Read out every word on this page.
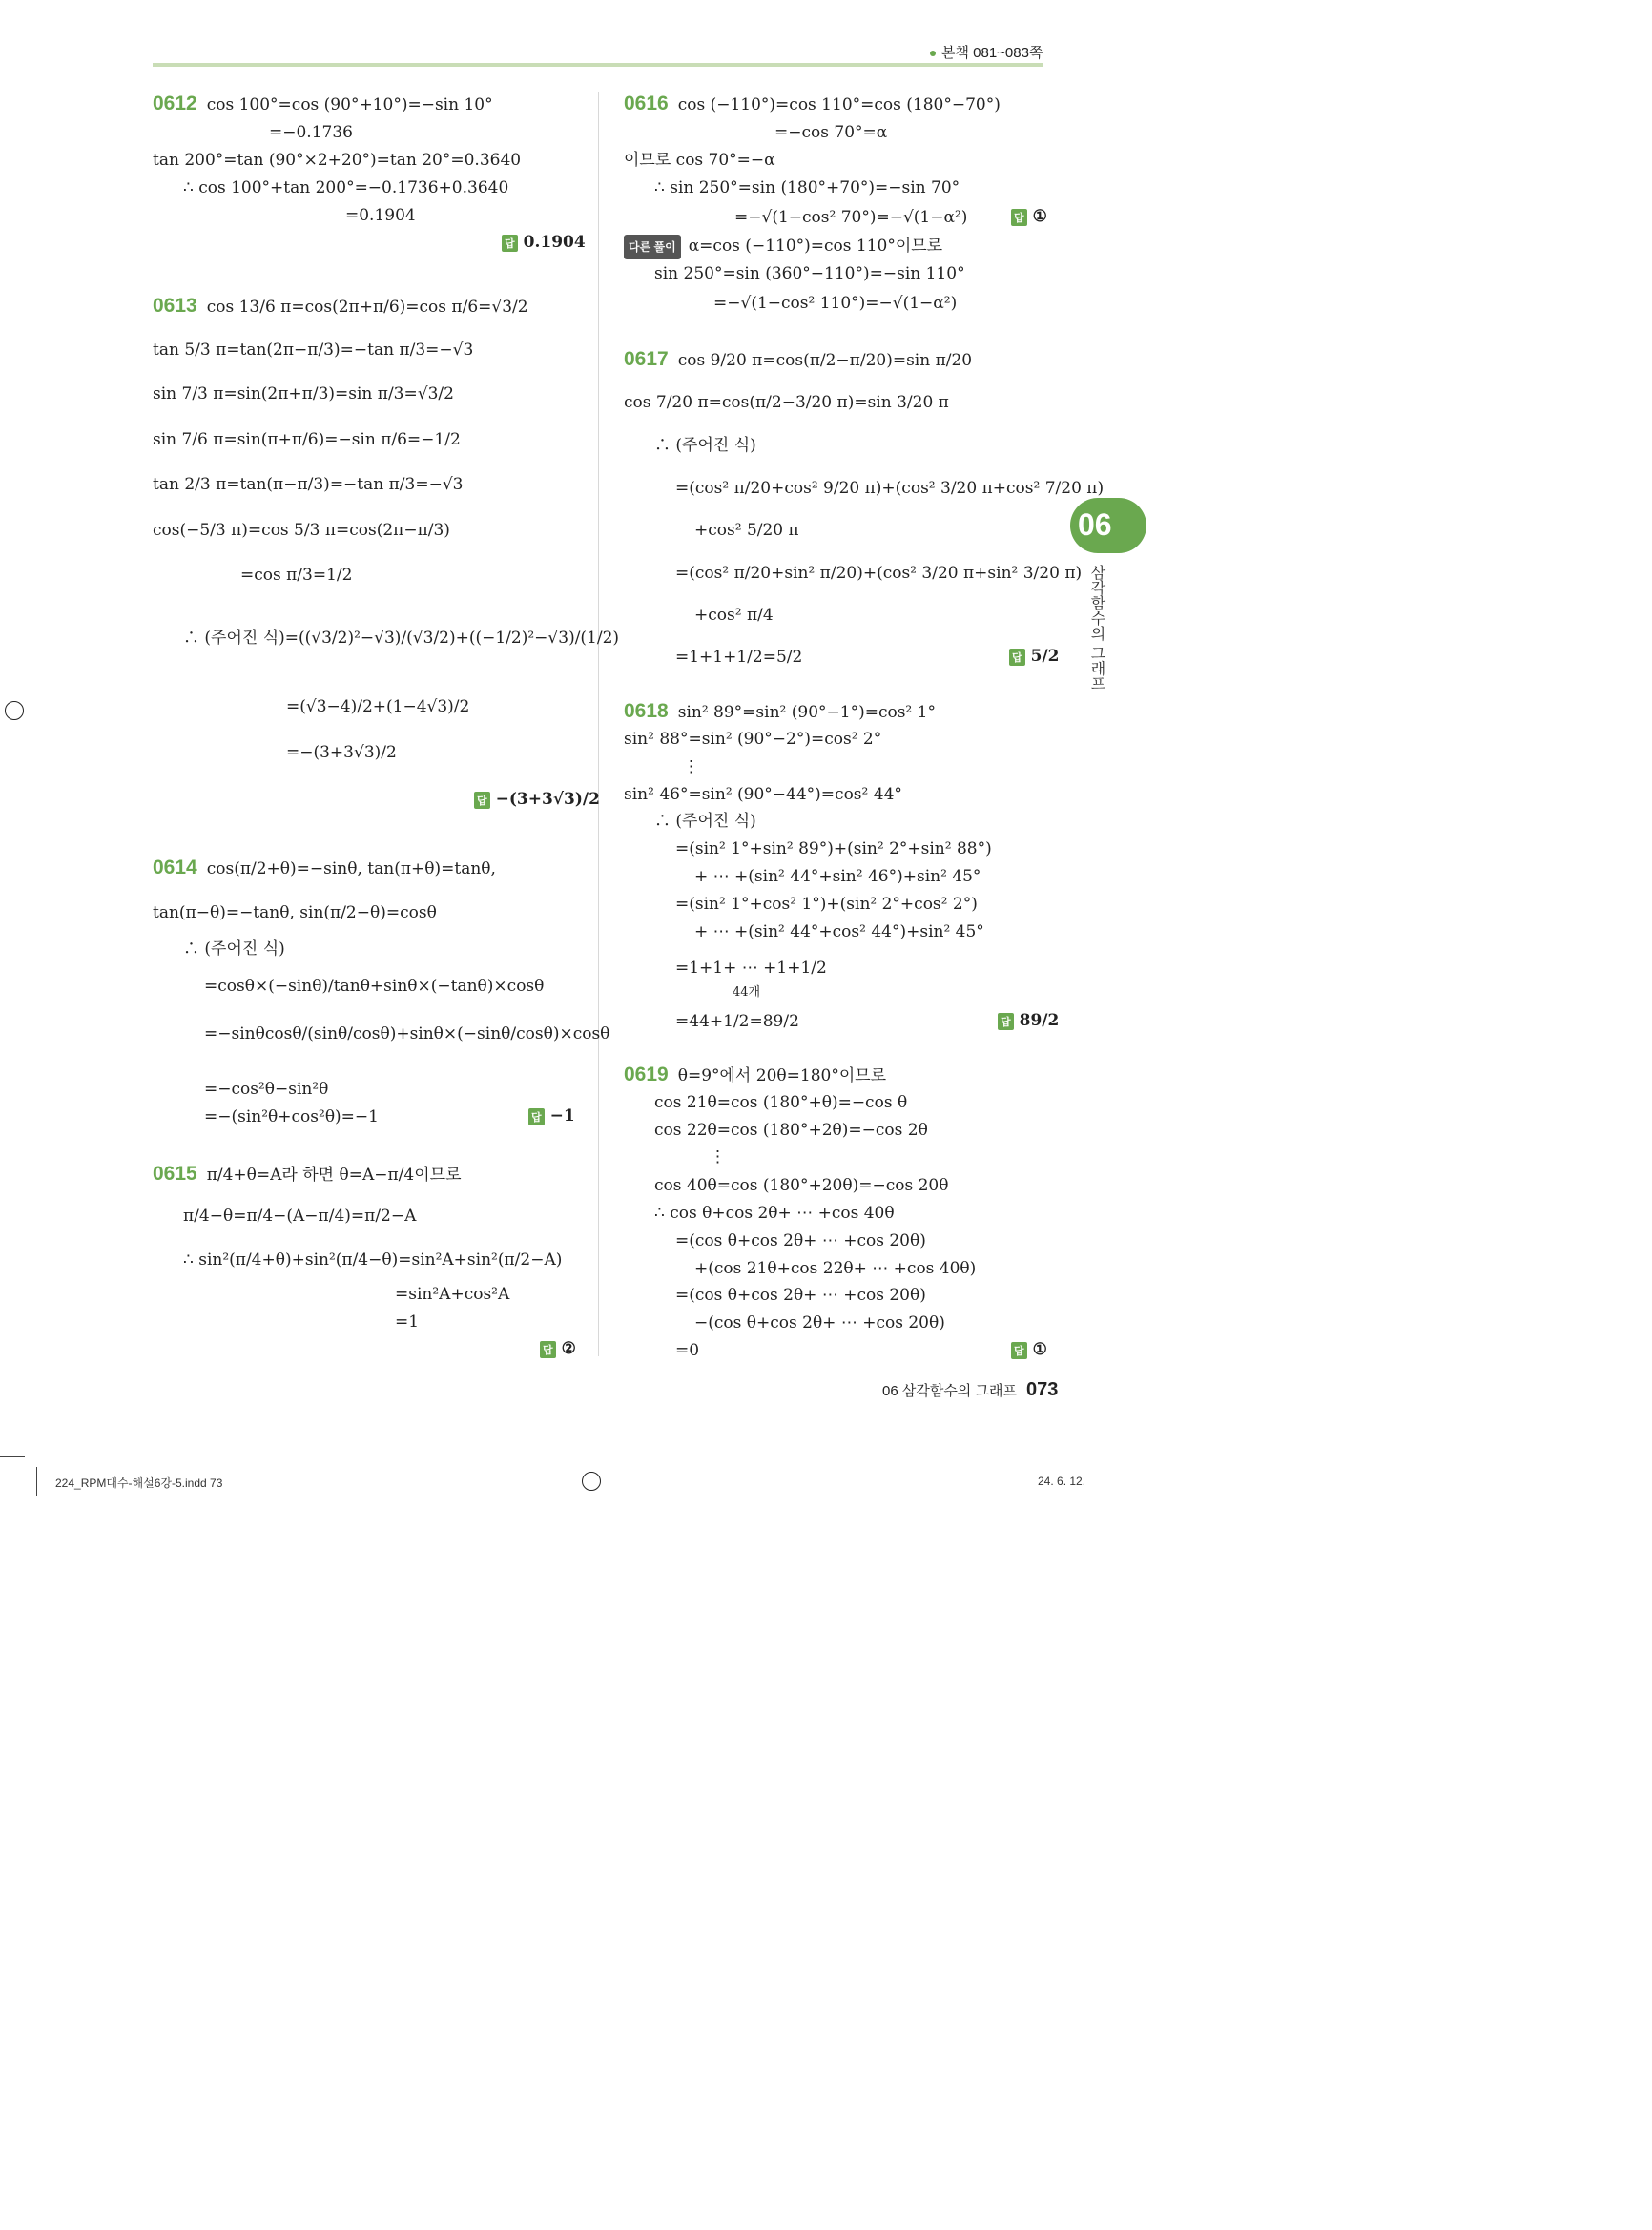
본책 081~083쪽
0612 cos 100°=cos (90°+10°)=−sin 10°
=−0.1736
tan 200°=tan (90°×2+20°)=tan 20°=0.3640
∴ cos 100°+tan 200°=−0.1736+0.3640
=0.1904
답 0.1904
0613 cos 13/6 π=cos(2π+π/6)=cos π/6=√3/2
tan 5/3 π=tan(2π−π/3)=−tan π/3=−√3
sin 7/3 π=sin(2π+π/3)=sin π/3=√3/2
sin 7/6 π=sin(π+π/6)=−sin π/6=−1/2
tan 2/3 π=tan(π−π/3)=−tan π/3=−√3
cos(−5/3 π)=cos 5/3 π=cos(2π−π/3)
=cos π/3=1/2
∴ (주어진 식)=((√3/2)²−√3)/(√3/2)+((−1/2)²−√3)/(1/2)
=(√3−4)/2+(1−4√3)/2
=−(3+3√3)/2
답 −(3+3√3)/2
0614 cos(π/2+θ)=−sinθ, tan(π+θ)=tanθ,
tan(π−θ)=−tanθ, sin(π/2−θ)=cosθ
∴ (주어진 식)
=cosθ×(−sinθ)/tanθ+sinθ×(−tanθ)×cosθ
=−sinθcosθ/(sinθ/cosθ)+sinθ×(−sinθ/cosθ)×cosθ
=−cos²θ−sin²θ
=−(sin²θ+cos²θ)=−1	답 −1
0615 π/4+θ=A라 하면 θ=A−π/4이므로
π/4−θ=π/4−(A−π/4)=π/2−A
∴ sin²(π/4+θ)+sin²(π/4−θ)=sin²A+sin²(π/2−A)
=sin²A+cos²A
=1
답 ②
0616 cos (−110°)=cos 110°=cos (180°−70°)
=−cos 70°=α
이므로 cos 70°=−α
∴ sin 250°=sin (180°+70°)=−sin 70°
=−√(1−cos² 70°)=−√(1−α²)	답 ①
다른 풀이 α=cos (−110°)=cos 110°이므로
sin 250°=sin (360°−110°)=−sin 110°
=−√(1−cos² 110°)=−√(1−α²)
0617 cos 9/20 π=cos(π/2−π/20)=sin π/20
cos 7/20 π=cos(π/2−3/20 π)=sin 3/20 π
∴ (주어진 식)
=(cos² π/20+cos² 9/20 π)+(cos² 3/20 π+cos² 7/20 π)
+cos² 5/20 π
=(cos² π/20+sin² π/20)+(cos² 3/20 π+sin² 3/20 π)
+cos² π/4
=1+1+1/2=5/2	답 5/2
0618 sin² 89°=sin² (90°−1°)=cos² 1°
sin² 88°=sin² (90°−2°)=cos² 2°
⋮
sin² 46°=sin² (90°−44°)=cos² 44°
∴ (주어진 식)
=(sin² 1°+sin² 89°)+(sin² 2°+sin² 88°)
+ ⋯ +(sin² 44°+sin² 46°)+sin² 45°
=(sin² 1°+cos² 1°)+(sin² 2°+cos² 2°)
+ ⋯ +(sin² 44°+cos² 44°)+sin² 45°
=1+1+ ⋯ +1+1/2
44개
=44+1/2=89/2	답 89/2
0619 θ=9°에서 20θ=180°이므로
cos 21θ=cos (180°+θ)=−cos θ
cos 22θ=cos (180°+2θ)=−cos 2θ
⋮
cos 40θ=cos (180°+20θ)=−cos 20θ
∴ cos θ+cos 2θ+ ⋯ +cos 40θ
=(cos θ+cos 2θ+ ⋯ +cos 20θ)
+(cos 21θ+cos 22θ+ ⋯ +cos 40θ)
=(cos θ+cos 2θ+ ⋯ +cos 20θ)
−(cos θ+cos 2θ+ ⋯ +cos 20θ)
=0	답 ①
06
삼각함수의 그래프
06 삼각함수의 그래프 073
224_RPM대수-해설6강-5.indd 73	24. 6. 12.
